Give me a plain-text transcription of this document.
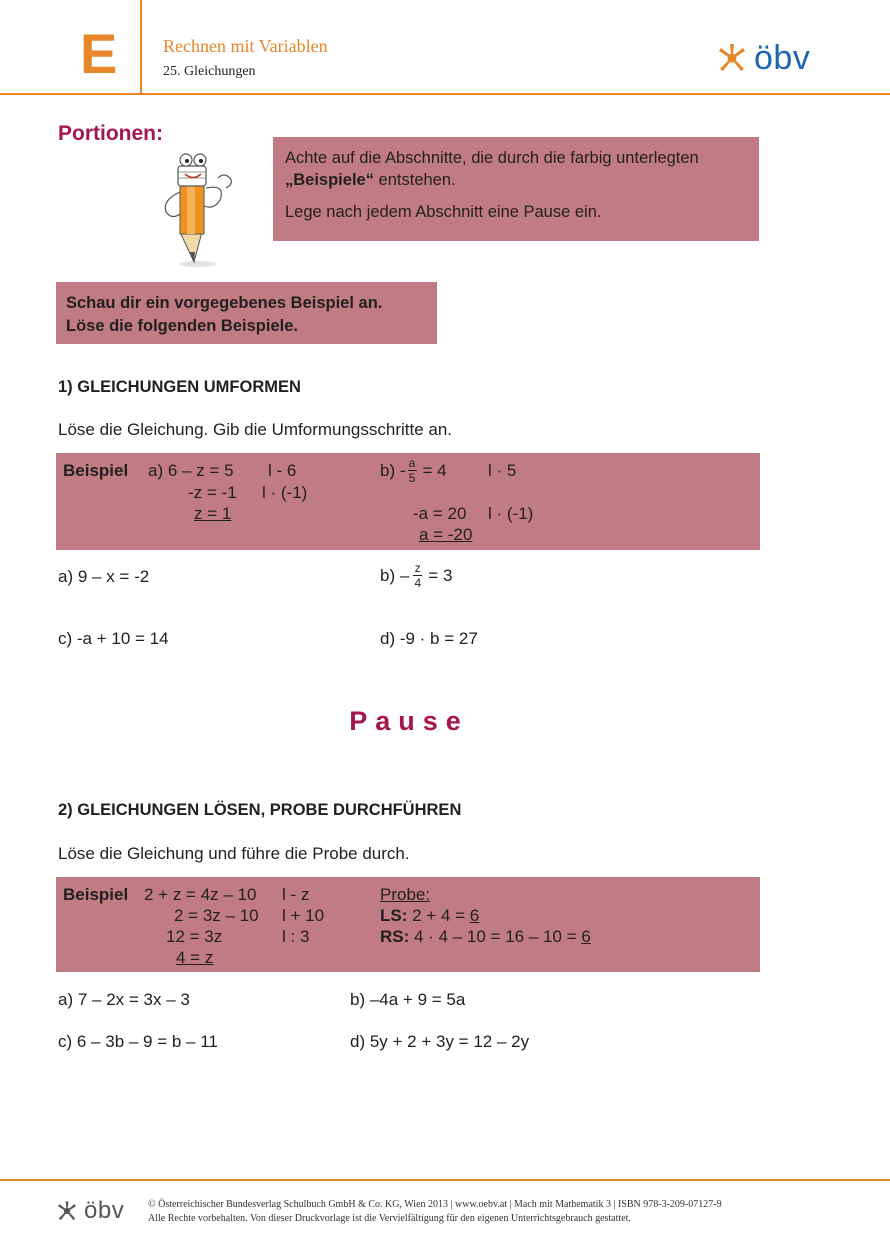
E	Rechnen mit Variablen
25. Gleichungen	öbv
Portionen:

Achte auf die Abschnitte, die durch die farbig unterlegten

„Beispiele“ entstehen.

Lege nach jedem Abschnitt eine Pause ein.

Schau dir ein vorgegebenes Beispiel an.
Löse die folgenden Beispiele.
1) GLEICHUNGEN UMFORMEN
Löse die Gleichung. Gib die Umformungsschritte an.
Beispiel a) 6 – z = 5 l - 6
-z = -1 l · (-1)
z = 1
$b) - \frac{a}{5} = 4$ l · 5
-a = 20 l · (-1)
a = -20
a) 9 – x = -2	$b) - \frac{z}{4} = 3$
c) -a + 10 = 14	d) -9 · b = 27
Pause
2) GLEICHUNGEN LÖSEN, PROBE DURCHFÜHREN
Löse die Gleichung und führe die Probe durch.
Beispiel 2 + z = 4z – 10 l - z
2 = 3z – 10 l + 10
12 = 3z	l : 3
4 = z
Probe:
LS: 2 + 4 = 6
RS: 4 · 4 – 10 = 16 – 10 = 6
a) 7 – 2x = 3x – 3	b) –4a + 9 = 5a
c) 6 – 3b – 9 = b – 11	d) 5y + 2 + 3y = 12 – 2y
öbv © Österreichischer Bundesverlag Schulbuch GmbH & Co. KG, Wien 2013 | www.oebv.at | Mach mit Mathematik 3 | ISBN 978-3-209-07127-9
Alle Rechte vorbehalten. Von dieser Druckvorlage ist die Vervielfältigung für den eigenen Unterrichtsgebrauch gestattet.
